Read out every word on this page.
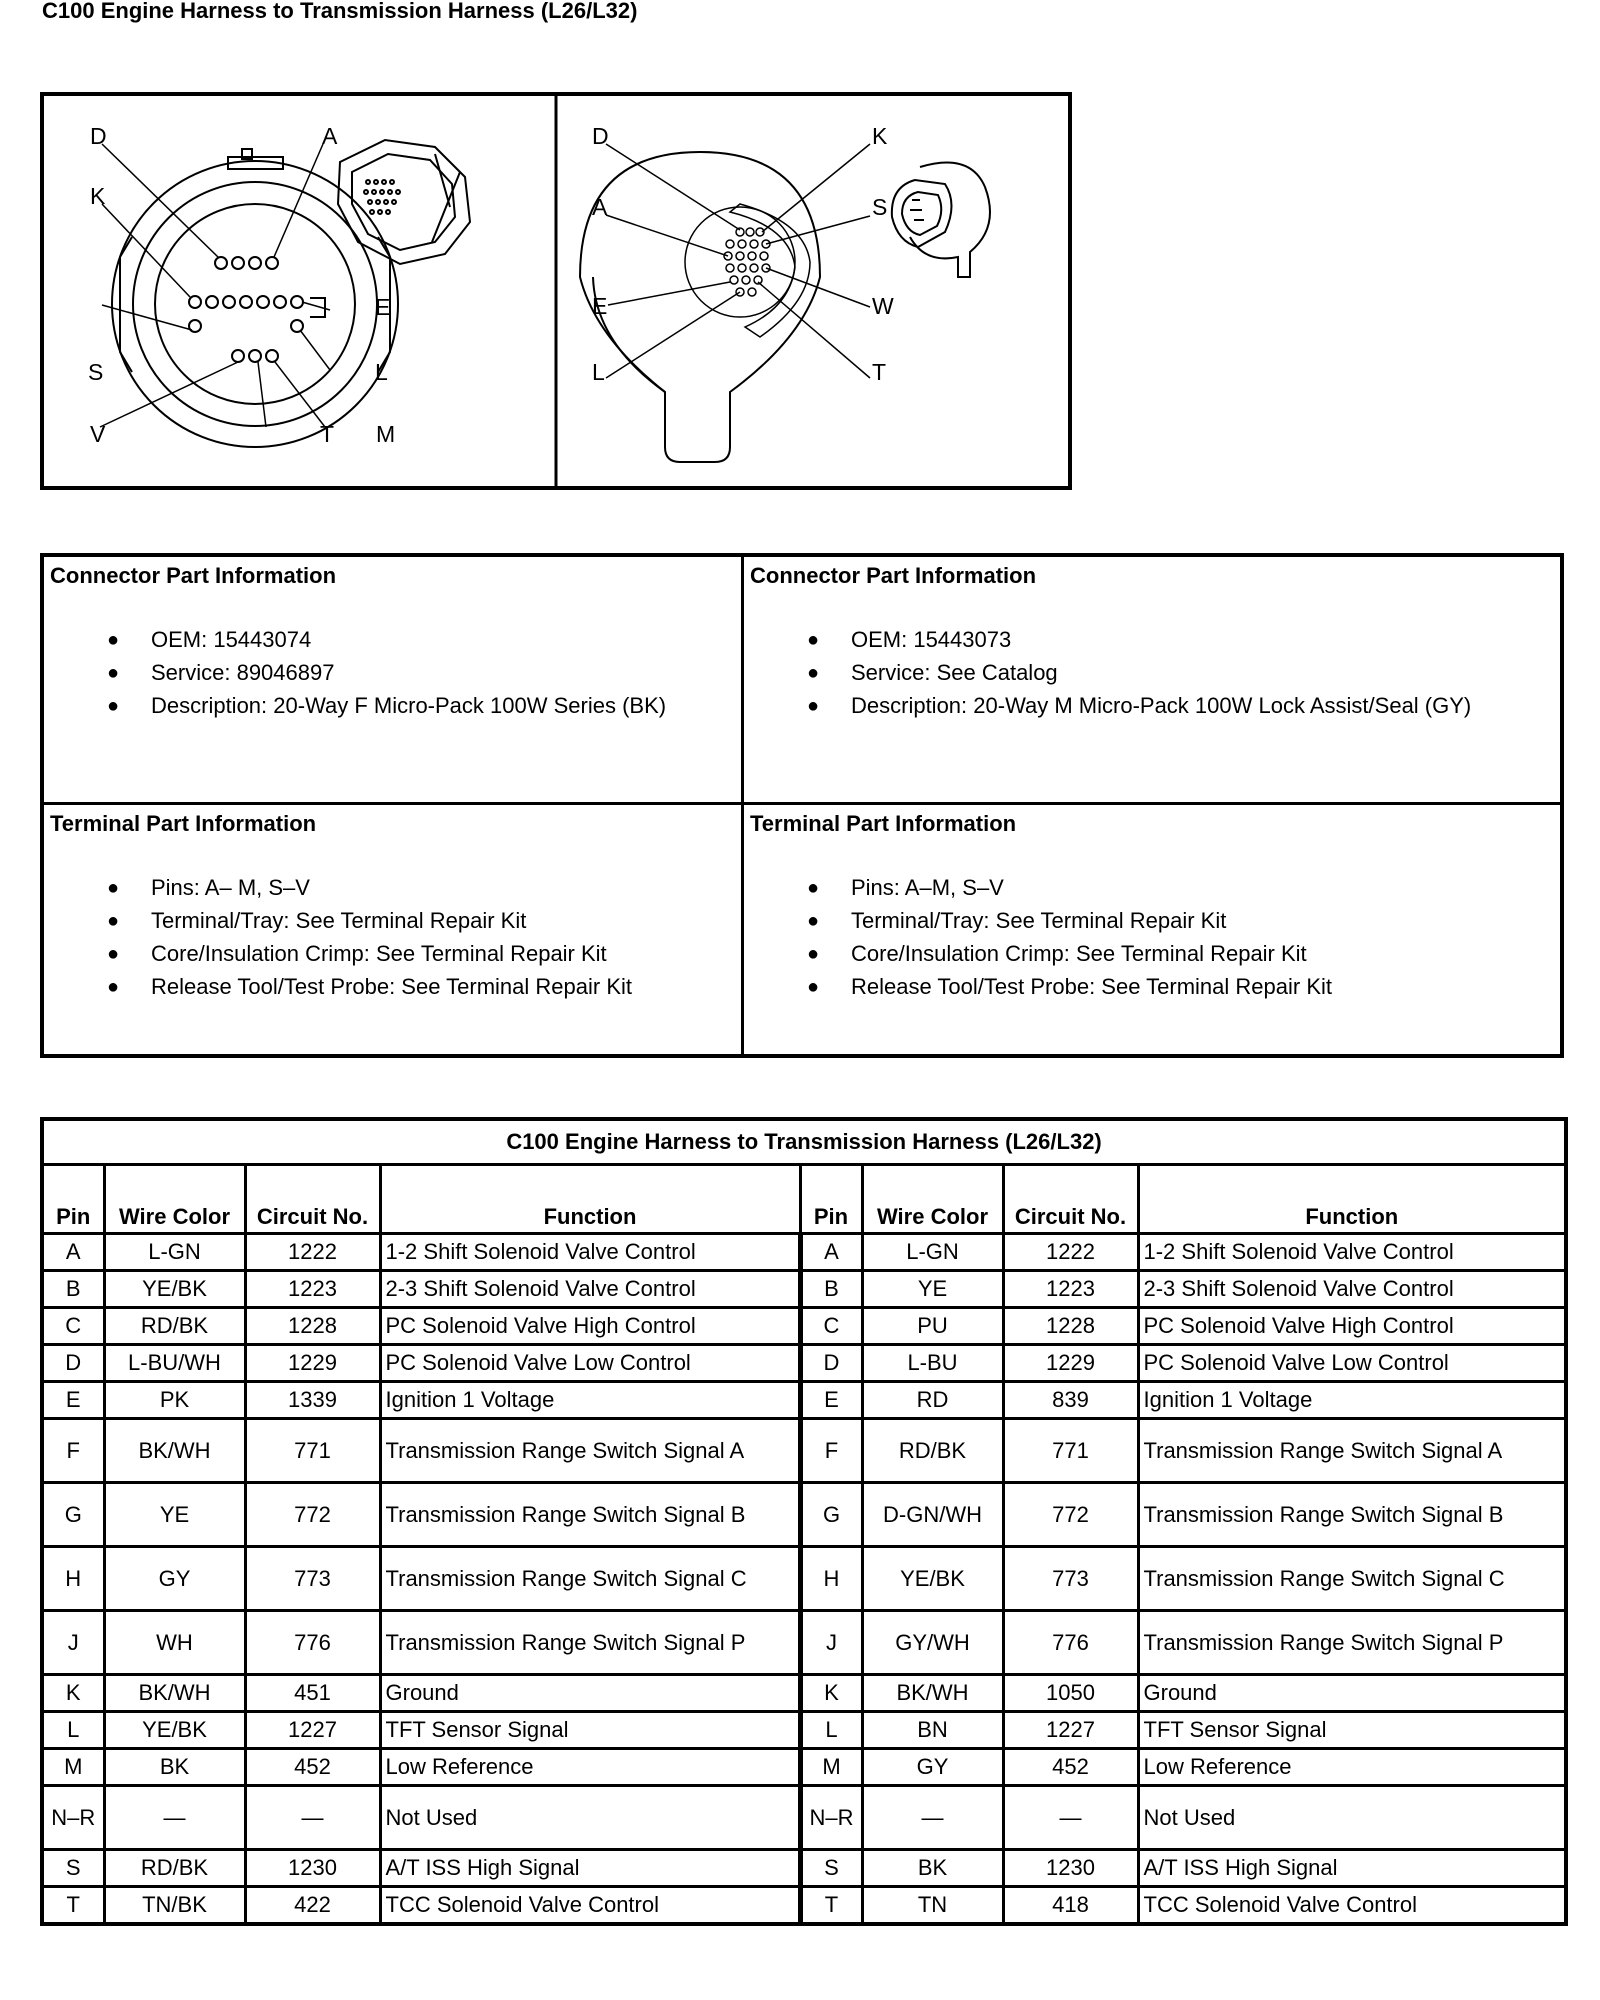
C100 Engine Harness to Transmission Harness (L26/L32)
D	A
K
E
S	L
V	T M
D	K
A	S
E	W
L	T

Connector Part Information

● OEM: 15443074
● Service: 89046897
● Description: 20-Way F Micro-Pack 100W Series (BK)

Connector Part Information

● OEM: 15443073
● Service: See Catalog
● Description: 20-Way M Micro-Pack 100W Lock Assist/Seal (GY)

Terminal Part Information

● Pins: A– M, S–V
● Terminal/Tray: See Terminal Repair Kit
● Core/Insulation Crimp: See Terminal Repair Kit
● Release Tool/Test Probe: See Terminal Repair Kit

Terminal Part Information

● Pins: A–M, S–V
● Terminal/Tray: See Terminal Repair Kit
● Core/Insulation Crimp: See Terminal Repair Kit
● Release Tool/Test Probe: See Terminal Repair Kit
C100 Engine Harness to Transmission Harness (L26/L32)							
Pin	Wire Color	Circuit No.	Function	Pin	Wire Color	Circuit No.	Function
A	L-GN	1222	1-2 Shift Solenoid Valve Control	A	L-GN	1222	1-2 Shift Solenoid Valve Control
B	YE/BK	1223	2-3 Shift Solenoid Valve Control	B	YE	1223	2-3 Shift Solenoid Valve Control
C	RD/BK	1228	PC Solenoid Valve High Control	C	PU	1228	PC Solenoid Valve High Control
D	L-BU/WH	1229	PC Solenoid Valve Low Control	D	L-BU	1229	PC Solenoid Valve Low Control
E	PK	1339	Ignition 1 Voltage	E	RD	839	Ignition 1 Voltage
F	BK/WH	771	Transmission Range Switch Signal A	F	RD/BK	771	Transmission Range Switch Signal A
G	YE	772	Transmission Range Switch Signal B	G	D-GN/WH	772	Transmission Range Switch Signal B
H	GY	773	Transmission Range Switch Signal C	H	YE/BK	773	Transmission Range Switch Signal C
J	WH	776	Transmission Range Switch Signal P	J	GY/WH	776	Transmission Range Switch Signal P
K	BK/WH	451	Ground	K	BK/WH	1050	Ground
L	YE/BK	1227	TFT Sensor Signal	L	BN	1227	TFT Sensor Signal
M	BK	452	Low Reference	M	GY	452	Low Reference
N–R	—	—	Not Used	N–R	—	—	Not Used
S	RD/BK	1230	A/T ISS High Signal	S	BK	1230	A/T ISS High Signal
T	TN/BK	422	TCC Solenoid Valve Control	T	TN	418	TCC Solenoid Valve Control
